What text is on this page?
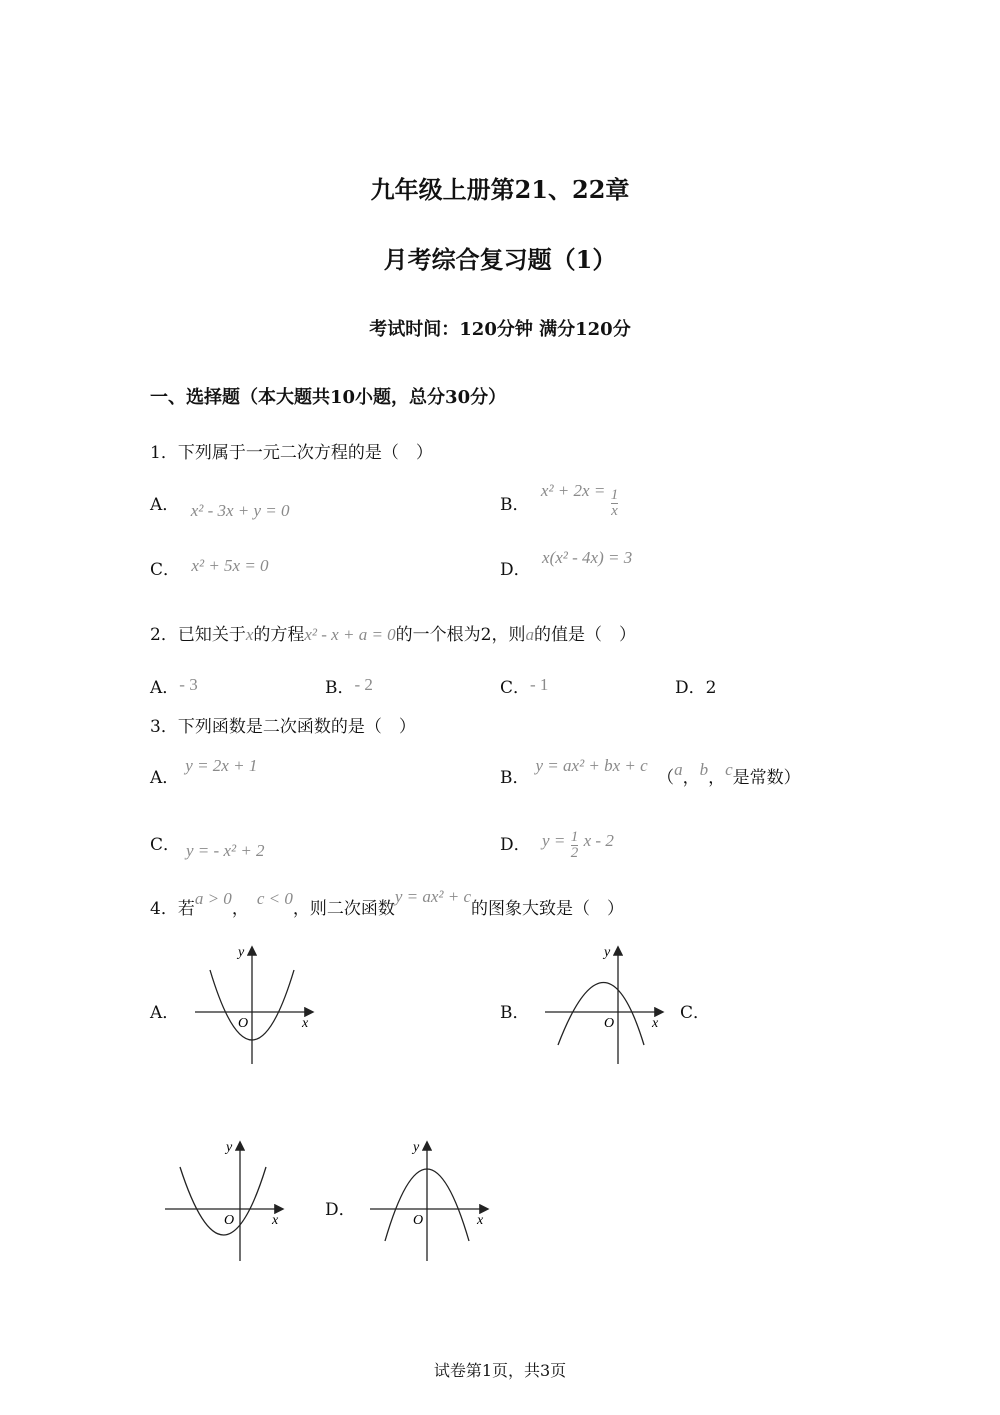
九年级上册第21、22章
月考综合复习题（1）
考试时间：120分钟 满分120分
一、选择题（本大题共10小题，总分30分）
1．下列属于一元二次方程的是（　）
A． x² - 3x + y = 0	B． $x^2 + 2x = \frac{1}{x}$
C． x² + 5x = 0	D． x(x² - 4x) = 3
2．已知关于x的方程x² - x + a = 0的一个根为2，则a的值是（　）
A．- 3	B．- 2	C．- 1	D．2
3．下列函数是二次函数的是（　）
A．y = 2x + 1
B．y = ax² + bx + c （a，b，c是常数）
C． y = - x² + 2	D． $y = \frac{1}{2}$ x - 2
4．若a > 0，c < 0，则二次函数y = ax² + c的图象大致是（　）
A．	B．	C．
D．
y
x
O
y
x
O
y
x
O
y
x
O
试卷第1页，共3页
